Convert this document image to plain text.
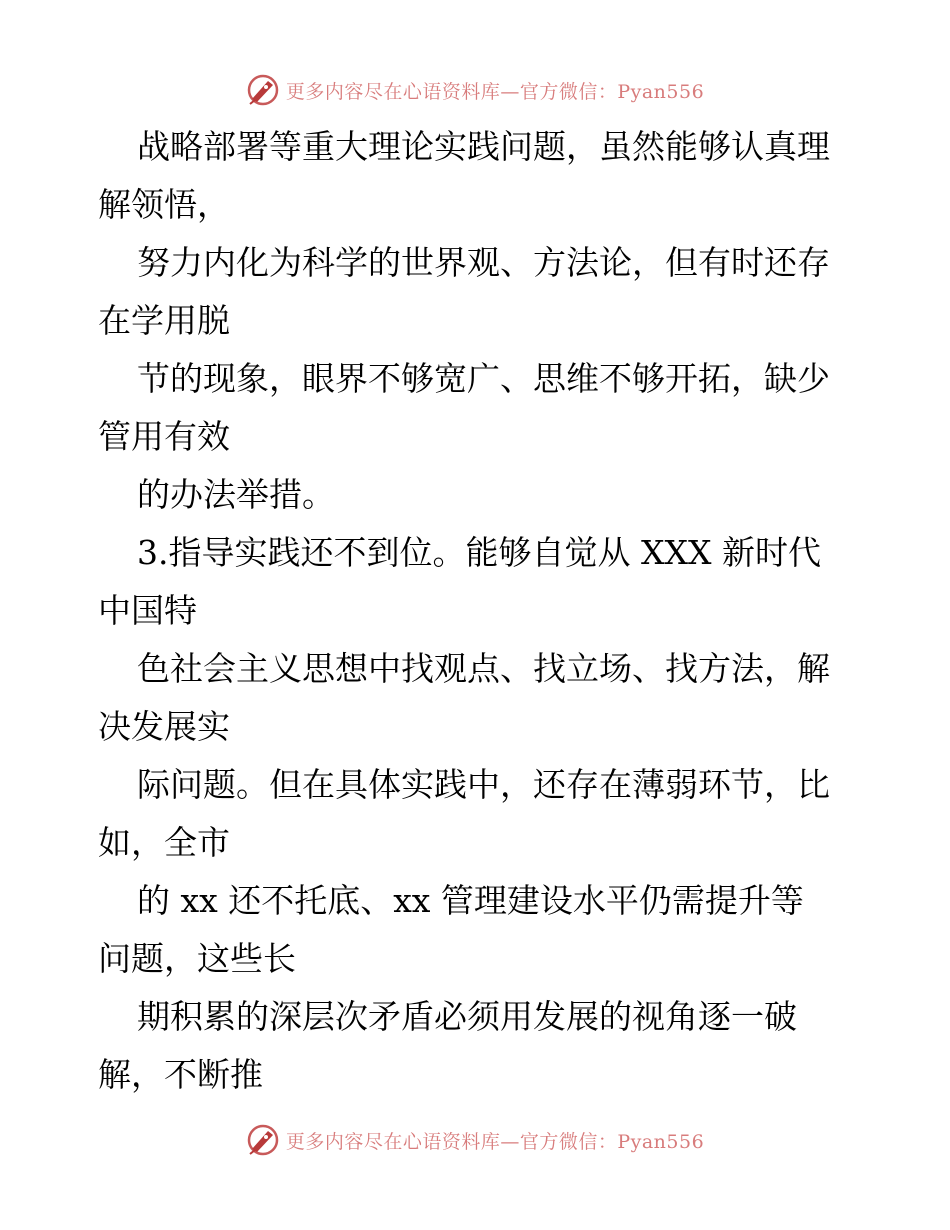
更多内容尽在心语资料库—官方微信：Pyan556
战略部署等重大理论实践问题，虽然能够认真理
解领悟，
努力内化为科学的世界观、方法论，但有时还存
在学用脱
节的现象，眼界不够宽广、思维不够开拓，缺少
管用有效
的办法举措。
3.指导实践还不到位。能够自觉从 XXX 新时代
中国特
色社会主义思想中找观点、找立场、找方法，解
决发展实
际问题。但在具体实践中，还存在薄弱环节，比
如，全市
的 xx 还不托底、xx 管理建设水平仍需提升等
问题，这些长
期积累的深层次矛盾必须用发展的视角逐一破
解，不断推
更多内容尽在心语资料库—官方微信：Pyan556
